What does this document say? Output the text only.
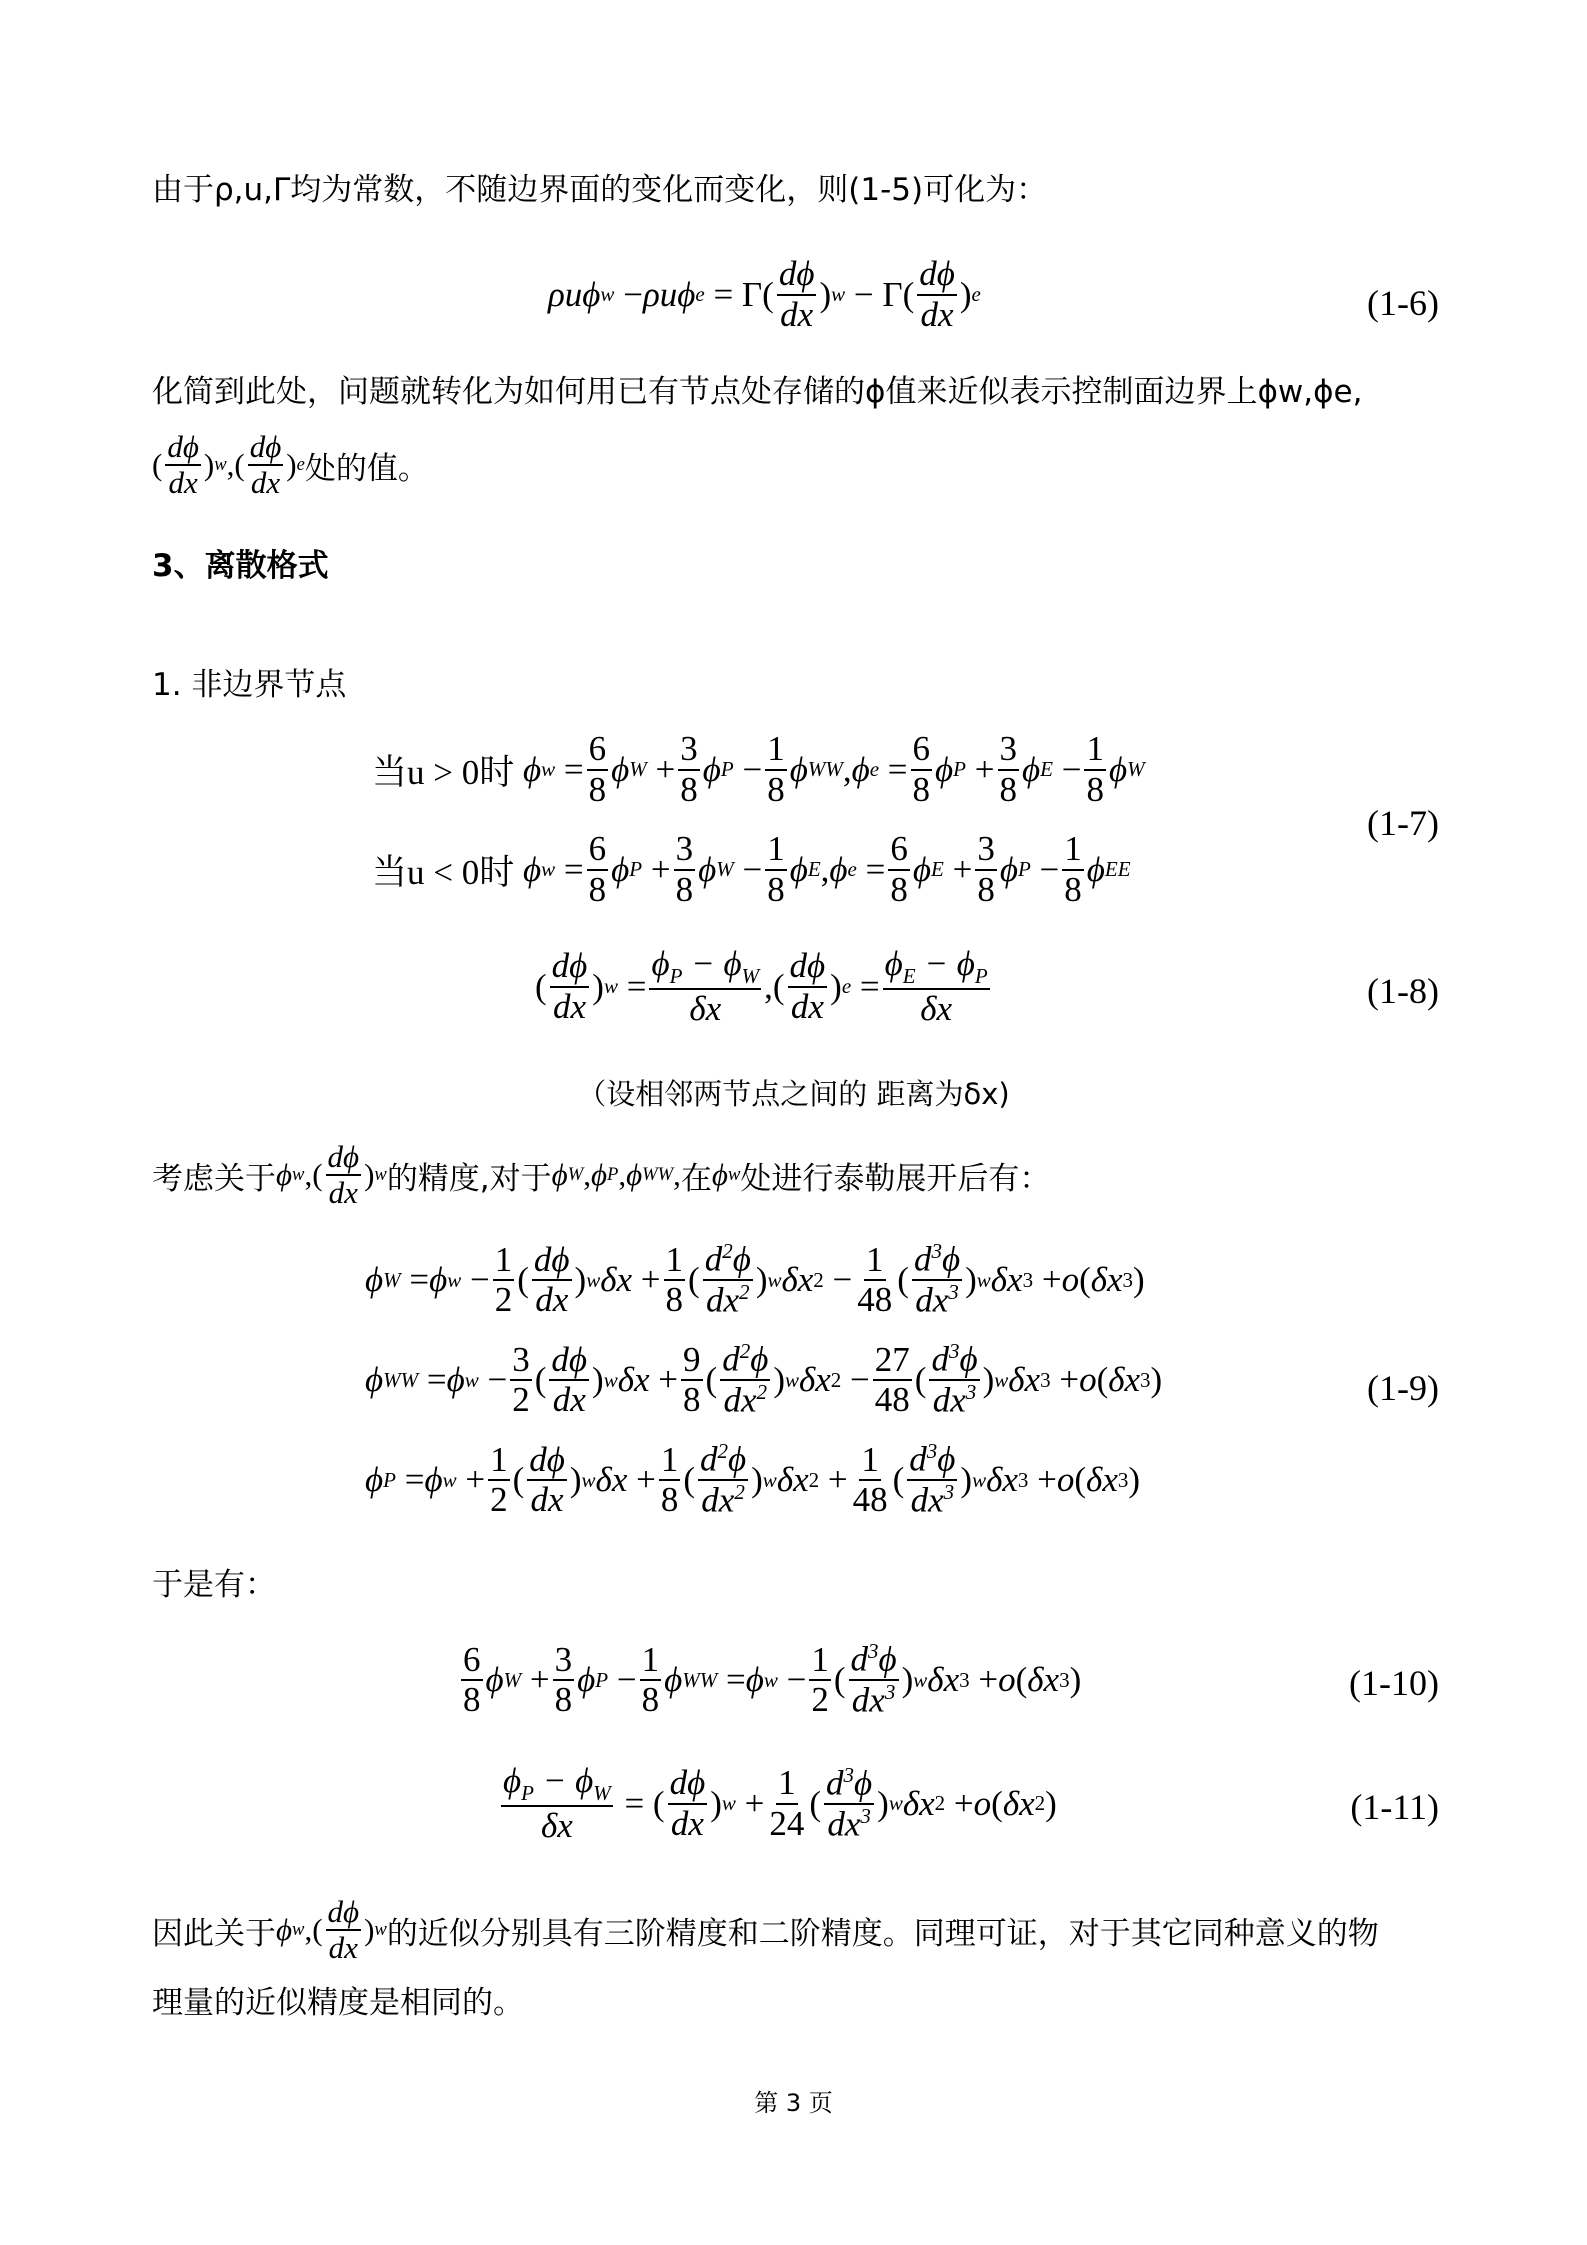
由于ρ,u,Γ均为常数，不随边界面的变化而变化，则(1-5)可化为：
ρuϕ w − ρuϕ $e = \Gamma( \frac{d\phi}{dx}$ ) $w - \Gamma( \frac{d\phi}{dx}$ ) e	(1-6)
化简到此处，问题就转化为如何用已有节点处存储的ϕ值来近似表示控制面边界上ϕw,ϕe,
( $\frac{d\phi}{dx}$ ) w ,( $\frac{d\phi}{dx}$ ) e 处的值。
3、离散格式
1. 非边界节点
当u > 0时
ϕ $w = \frac{6}{8}$ ϕ $W + \frac{3}{8}$ ϕ $P - \frac{1}{8}$ ϕ WW , ϕ $e = \frac{6}{8}$ ϕ $P + \frac{3}{8}$ ϕ $E - \frac{1}{8}$ ϕ W
当u < 0时
ϕ $w = \frac{6}{8}$ ϕ $P + \frac{3}{8}$ ϕ $W - \frac{1}{8}$ ϕ E , ϕ $e = \frac{6}{8}$ ϕ $E + \frac{3}{8}$ ϕ $P - \frac{1}{8}$ ϕ EE
(1-7)
( $\frac{d\phi}{dx}$ ) $w = \frac{\phi_P - \phi_W}{\delta x}$ ,( $\frac{d\phi}{dx}$ ) $e = \frac{\phi_E - \phi_P}{\delta x}$	(1-8)
（设相邻两节点之间的 距离为δx)
考虑关于 ϕ w ,( $\frac{d\phi}{dx}$ ) w 的精度,对于 ϕ W , ϕ P , ϕ WW , 在 ϕ w 处进行泰勒展开后有：
ϕ W = ϕ $w - \frac{1}{2}$ ( $\frac{d\phi}{dx}$ ) w $\delta x + \frac{1}{8}$ ( $\frac{d^2\phi}{dx^2}$ ) w δx $2 - \frac{1}{48}$ ( $\frac{d^3\phi}{dx^3}$ ) w δx 3 + o ( δx 3 )
ϕ WW = ϕ $w - \frac{3}{2}$ ( $\frac{d\phi}{dx}$ ) w $\delta x + \frac{9}{8}$ ( $\frac{d^2\phi}{dx^2}$ ) w δx $2 - \frac{27}{48}$ ( $\frac{d^3\phi}{dx^3}$ ) w δx 3 + o ( δx 3 )
ϕ P = ϕ $w + \frac{1}{2}$ ( $\frac{d\phi}{dx}$ ) w $\delta x + \frac{1}{8}$ ( $\frac{d^2\phi}{dx^2}$ ) w δx $2 + \frac{1}{48}$ ( $\frac{d^3\phi}{dx^3}$ ) w δx 3 + o ( δx 3 )
(1-9)
于是有：
$\frac{6}{8}$ ϕ $W + \frac{3}{8}$ ϕ $P - \frac{1}{8}$ ϕ WW = ϕ $w - \frac{1}{2}$ ( $\frac{d^3\phi}{dx^3}$ ) w δx 3 + o ( δx 3 )	(1-10)
$\frac{\phi_P - \phi_W}{\delta x}$ = ( $\frac{d\phi}{dx}$ ) $w + \frac{1}{24}$ ( $\frac{d^3\phi}{dx^3}$ ) w δx 2 + o ( δx 2 )	(1-11)
因此关于 ϕ w ,( $\frac{d\phi}{dx}$ ) w 的近似分别具有三阶精度和二阶精度。同理可证，对于其它同种意义的物
理量的近似精度是相同的。
第 3 页
